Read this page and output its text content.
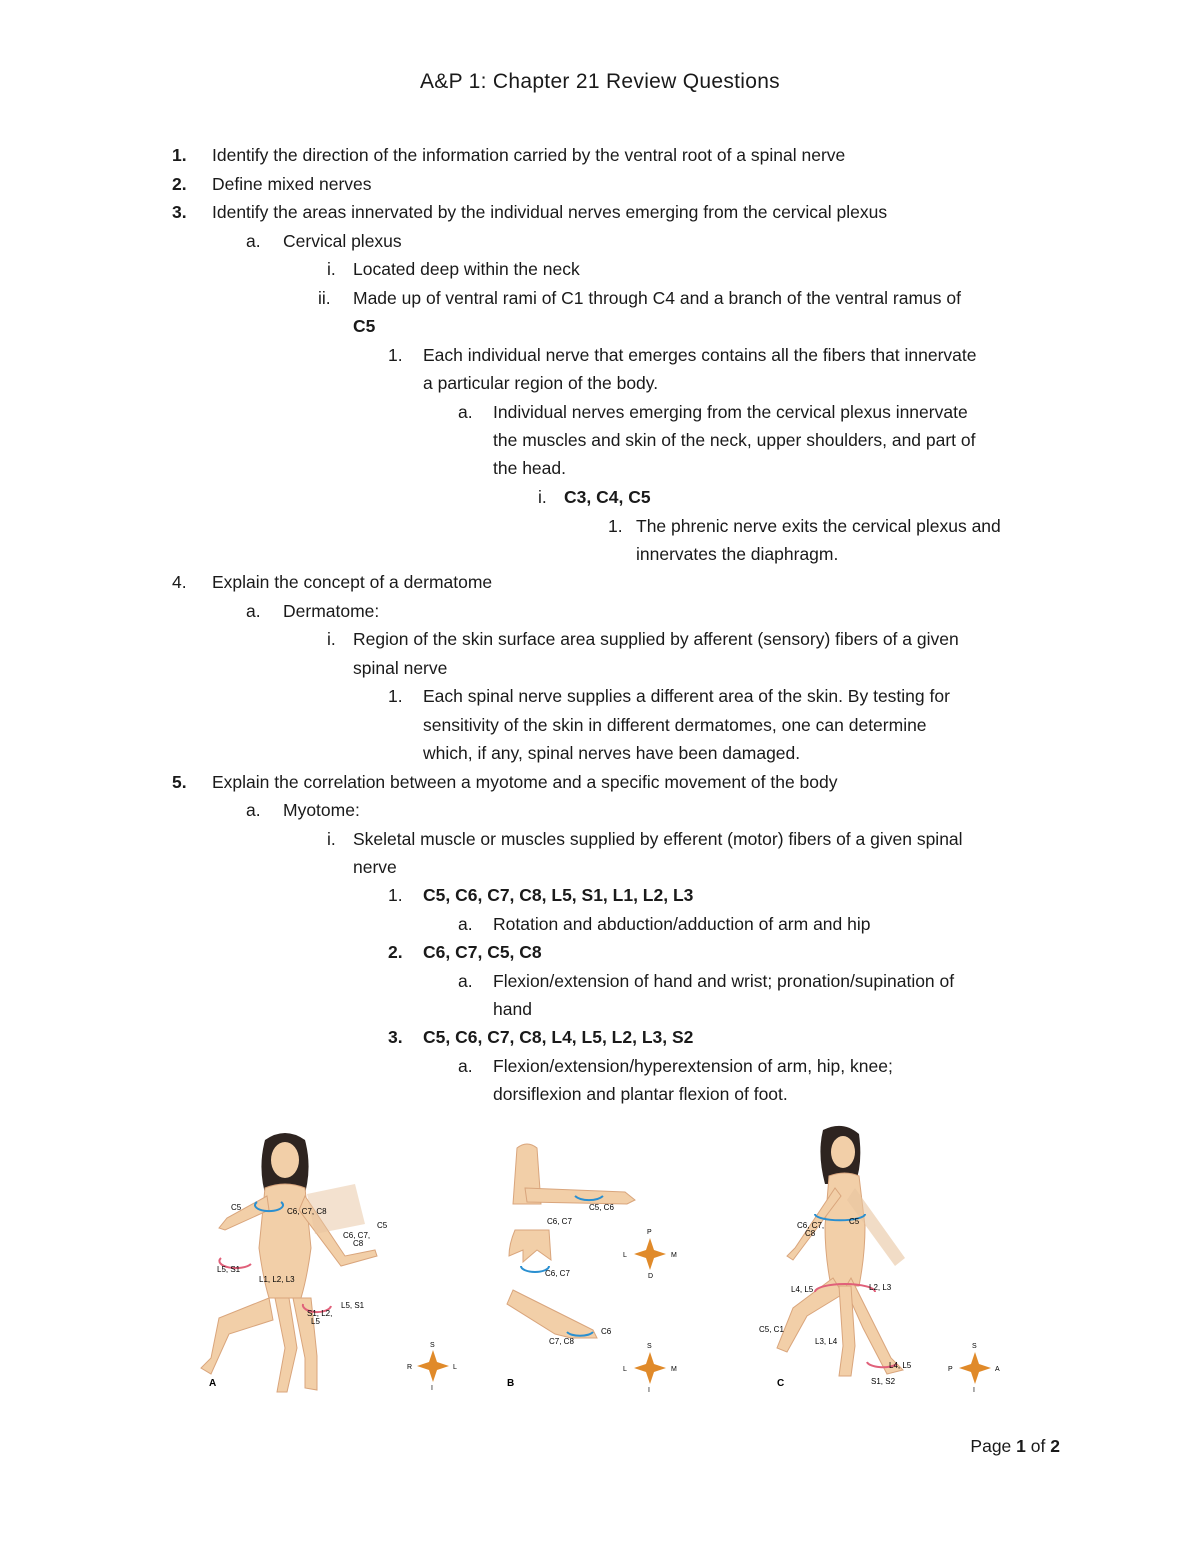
A&P 1: Chapter 21 Review Questions
1. Identify the direction of the information carried by the ventral root of a spinal nerve
2. Define mixed nerves
3. Identify the areas innervated by the individual nerves emerging from the cervical plexus
a. Cervical plexus
i. Located deep within the neck
ii. Made up of ventral rami of C1 through C4 and a branch of the ventral ramus of
C5
1. Each individual nerve that emerges contains all the fibers that innervate
a particular region of the body.
a. Individual nerves emerging from the cervical plexus innervate
the muscles and skin of the neck, upper shoulders, and part of
the head.
i. C3, C4, C5
1. The phrenic nerve exits the cervical plexus and
innervates the diaphragm.
4. Explain the concept of a dermatome
a. Dermatome:
i. Region of the skin surface area supplied by afferent (sensory) fibers of a given
spinal nerve
1. Each spinal nerve supplies a different area of the skin. By testing for
sensitivity of the skin in different dermatomes, one can determine
which, if any, spinal nerves have been damaged.
5. Explain the correlation between a myotome and a specific movement of the body
a. Myotome:
i. Skeletal muscle or muscles supplied by efferent (motor) fibers of a given spinal
nerve
1. C5, C6, C7, C8, L5, S1, L1, L2, L3
a. Rotation and abduction/adduction of arm and hip
2. C6, C7, C5, C8
a. Flexion/extension of hand and wrist; pronation/supination of
hand
3. C5, C6, C7, C8, L4, L5, L2, L3, S2
a. Flexion/extension/hyperextension of arm, hip, knee;
dorsiflexion and plantar flexion of foot.
C5	C6, C7, C8
C5
C6, C7,
C8
L5, S1
L1, L2, L3
L5, S1
S1, L2,
L5
S
R	L
I
A
C5, C6
C6, C7
C6, C7
C6
C7, C8
P
L	M
D
S
L	M
I
B
C6, C7,
C8
C5
L4, L5	L2, L3
C5, C1
L3, L4
L4, L5
S1, S2
S
P	A
I
C
Page 1 of 2
